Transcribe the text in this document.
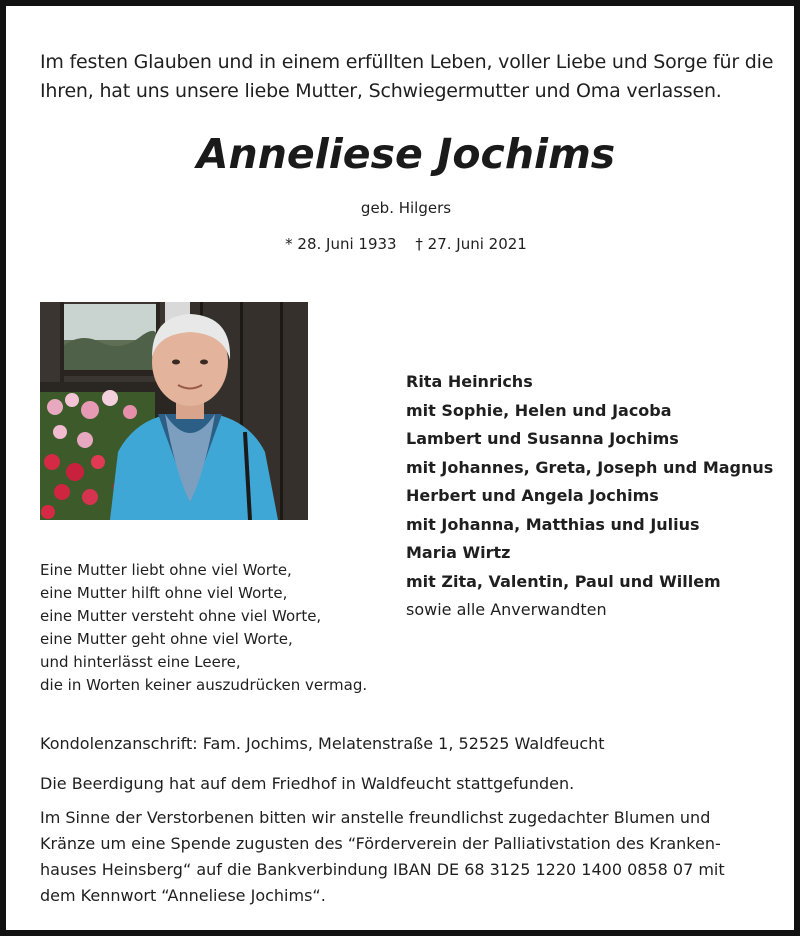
Im festen Glauben und in einem erfüllten Leben, voller Liebe und Sorge für die
Ihren, hat uns unsere liebe Mutter, Schwiegermutter und Oma verlassen.

Anneliese Jochims
geb. Hilgers
* 28. Juni 1933 † 27. Juni 2021

Eine Mutter liebt ohne viel Worte,
eine Mutter hilft ohne viel Worte,
eine Mutter versteht ohne viel Worte,
eine Mutter geht ohne viel Worte,
und hinterlässt eine Leere,
die in Worten keiner auszudrücken vermag.

Rita Heinrichs
mit Sophie, Helen und Jacoba
Lambert und Susanna Jochims
mit Johannes, Greta, Joseph und Magnus
Herbert und Angela Jochims
mit Johanna, Matthias und Julius
Maria Wirtz
mit Zita, Valentin, Paul und Willem
sowie alle Anverwandten

Kondolenzanschrift: Fam. Jochims, Melatenstraße 1, 52525 Waldfeucht

Die Beerdigung hat auf dem Friedhof in Waldfeucht stattgefunden.

Im Sinne der Verstorbenen bitten wir anstelle freundlichst zugedachter Blumen und
Kränze um eine Spende zugusten des “Förderverein der Palliativstation des Kranken-
hauses Heinsberg“ auf die Bankverbindung IBAN DE 68 3125 1220 1400 0858 07 mit
dem Kennwort “Anneliese Jochims“.
